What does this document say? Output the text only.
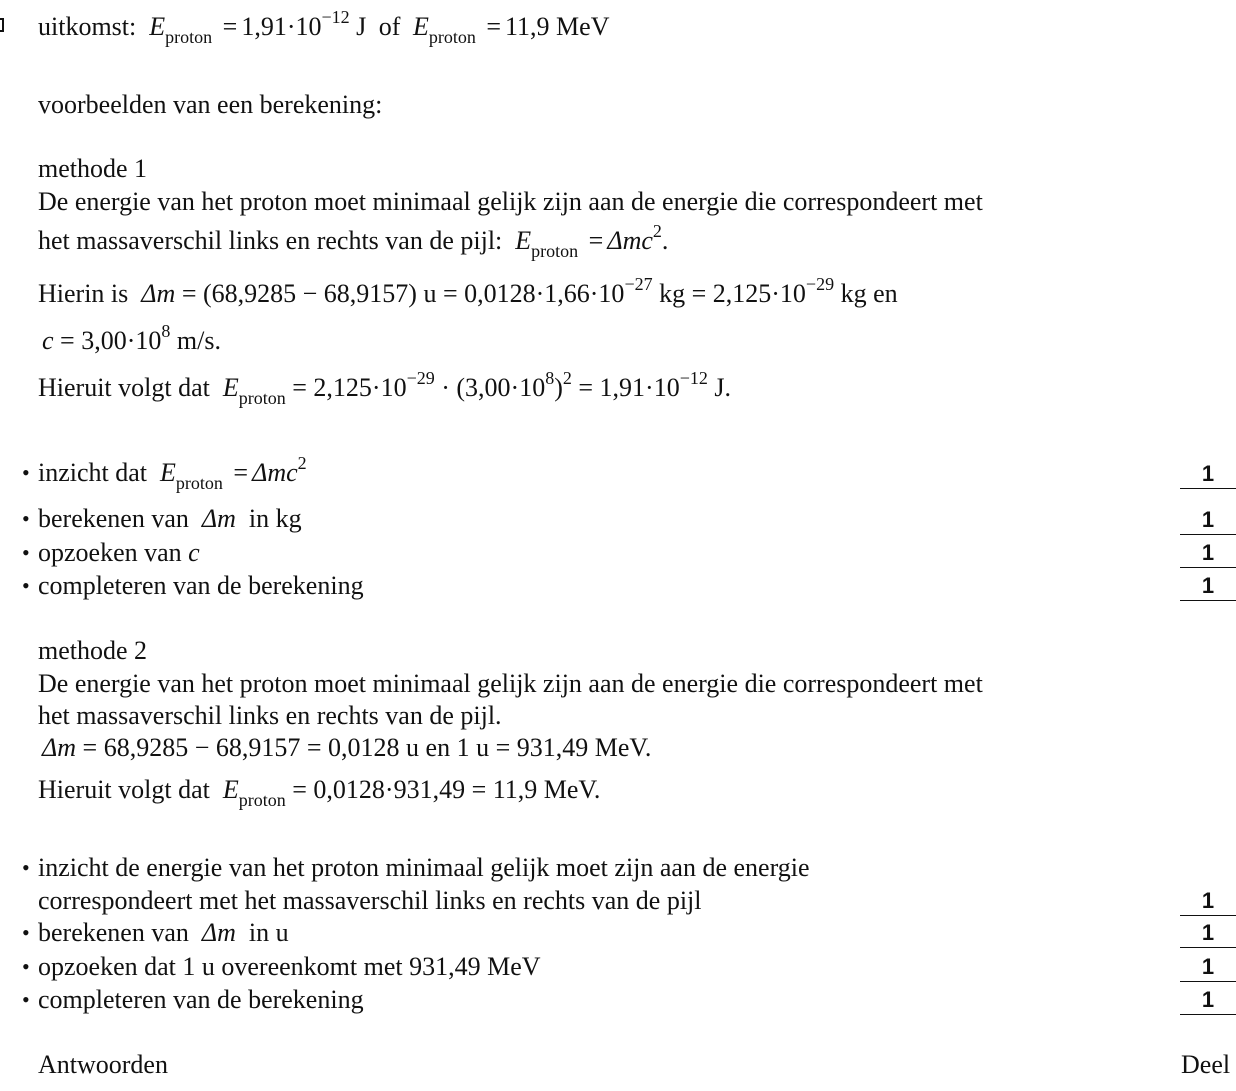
uitkomst: $E_{proton} = 1,91\cdot 10^{-12}$ J of $E_{proton} = 11,9$ MeV
voorbeelden van een berekening:
methode 1
De energie van het proton moet minimaal gelijk zijn aan de energie die correspondeert met
het massaverschil links en rechts van de pijl: $E_{proton} = \Delta mc^2$.
Hierin is Δm = (68,9285 − 68,9157) $u = 0,0128\cdot 1,66\cdot 10^{-27}$ kg = $2,125\cdot 10^{-29}$ kg en
$c = 3,00\cdot 10^8$ m/s.
Hieruit volgt dat $E_{proton} = 2,125\cdot 10^{-29} \cdot (3,00\cdot 10^8)^2 = 1,91\cdot 10^{-12}$ J.
• inzicht dat $E_{proton} = \Delta mc^2$	1
• berekenen van Δm in kg	1
• opzoeken van c	1
• completeren van de berekening	1
methode 2
De energie van het proton moet minimaal gelijk zijn aan de energie die correspondeert met
het massaverschil links en rechts van de pijl.
Δm = 68,9285 − 68,9157 = 0,0128 u en 1 u = 931,49 MeV.
Hieruit volgt dat $E_{proton} = 0,0128\cdot 931,49 = 11,9$ MeV.
• inzicht de energie van het proton minimaal gelijk moet zijn aan de energie
correspondeert met het massaverschil links en rechts van de pijl	1
• berekenen van Δm in u	1
• opzoeken dat 1 u overeenkomt met 931,49 MeV	1
• completeren van de berekening	1
Antwoorden	Deel
